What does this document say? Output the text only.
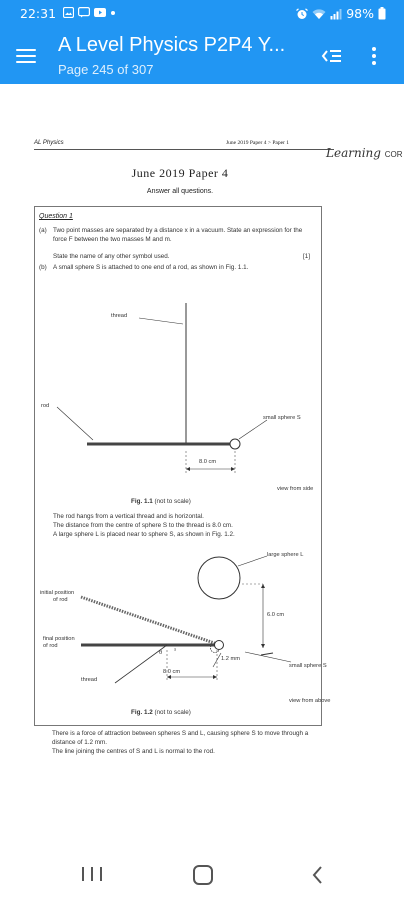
22:31	98%
A Level Physics P2P4 Y...
Page 245 of 307
AL Physics	June 2019 Paper 4 > Paper 1
Learning COR
June 2019 Paper 4
Answer all questions.
Question 1
(a) Two point masses are separated by a distance x in a vacuum. State an expression for the force F between the two masses M and m.
State the name of any other symbol used.	[1]
(b) A small sphere S is attached to one end of a rod, as shown in Fig. 1.1.
thread
rod
small sphere S
8.0 cm
view from side
Fig. 1.1 (not to scale)
The rod hangs from a vertical thread and is horizontal.
The distance from the centre of sphere S to the thread is 8.0 cm.
A large sphere L is placed near to sphere S, as shown in Fig. 1.2.
large sphere L
initial position
of rod
6.0 cm
final position
of rod
θ
1.2 mm
small sphere S
8.0 cm
thread
view from above
Fig. 1.2 (not to scale)
There is a force of attraction between spheres S and L, causing sphere S to move through a distance of 1.2 mm.
The line joining the centres of S and L is normal to the rod.
